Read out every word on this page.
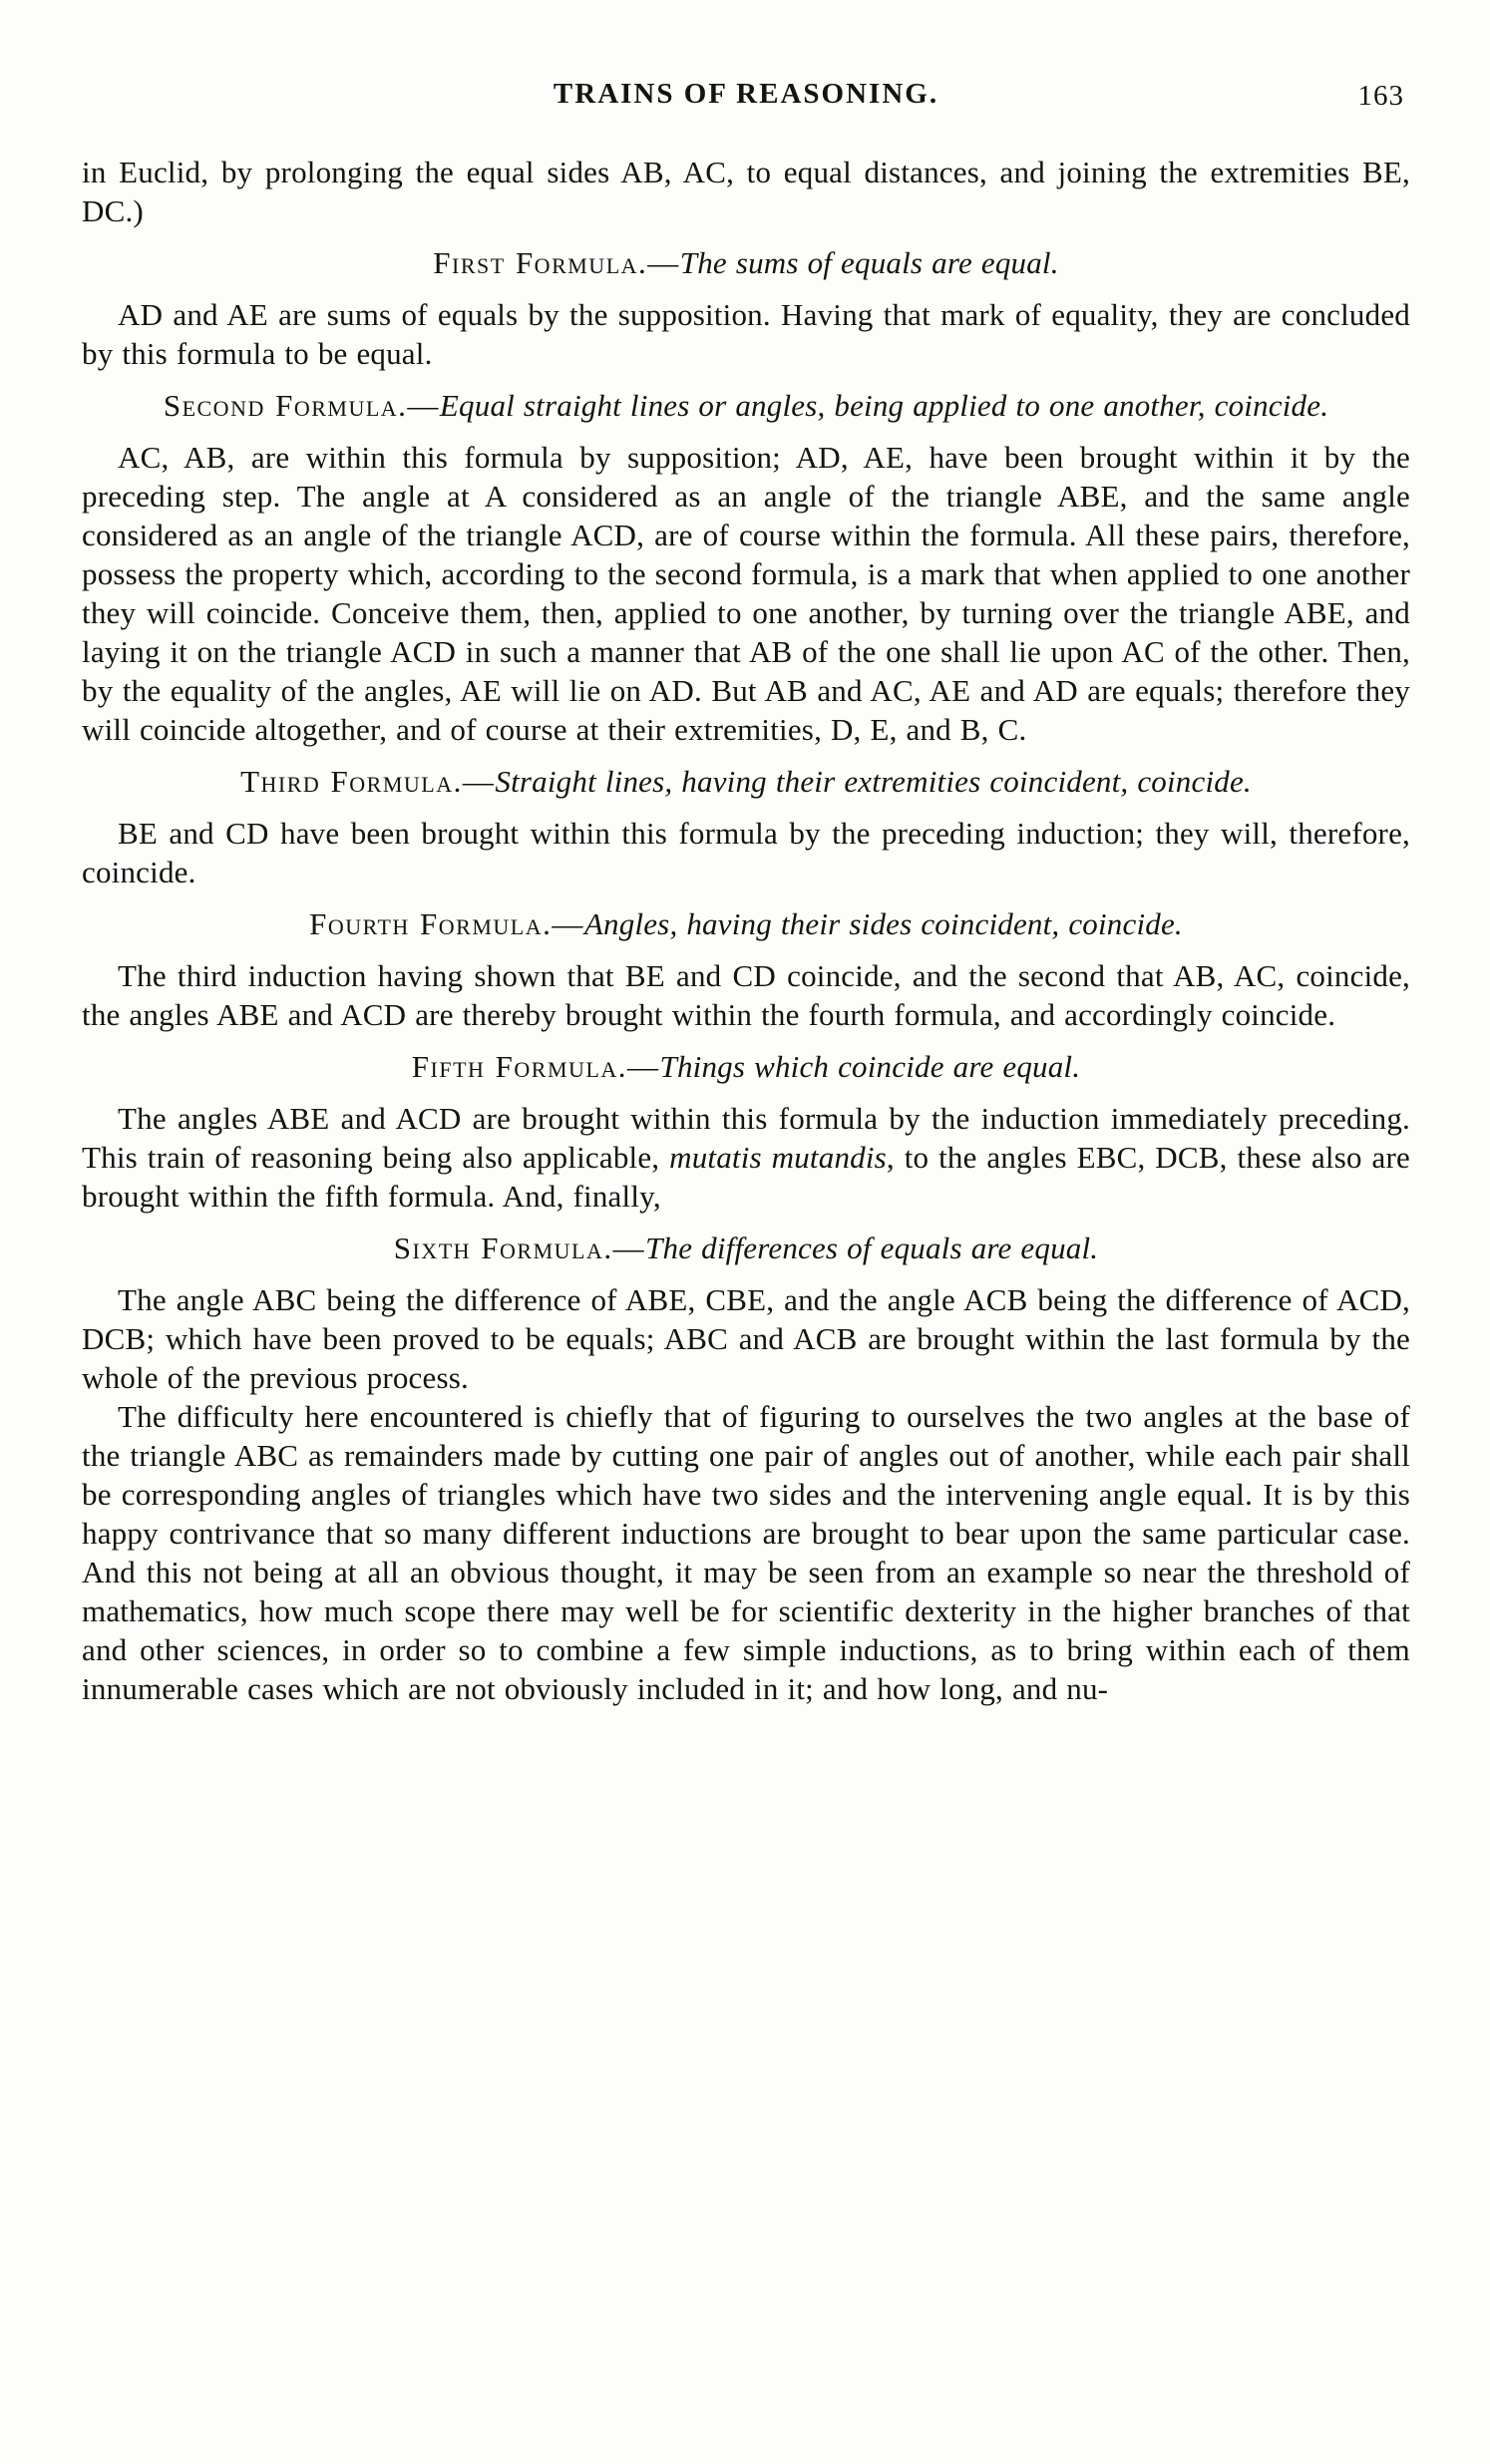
TRAINS OF REASONING.	163

in Euclid, by prolonging the equal sides AB, AC, to equal distances, and joining the extremities BE, DC.)

First Formula.—The sums of equals are equal.

AD and AE are sums of equals by the supposition. Having that mark of equality, they are concluded by this formula to be equal.

Second Formula.—Equal straight lines or angles, being applied to one another, coincide.

AC, AB, are within this formula by supposition; AD, AE, have been brought within it by the preceding step. The angle at A considered as an angle of the triangle ABE, and the same angle considered as an angle of the triangle ACD, are of course within the formula. All these pairs, therefore, possess the property which, according to the second formula, is a mark that when applied to one another they will coincide. Conceive them, then, applied to one another, by turning over the triangle ABE, and laying it on the triangle ACD in such a manner that AB of the one shall lie upon AC of the other. Then, by the equality of the angles, AE will lie on AD. But AB and AC, AE and AD are equals; therefore they will coincide altogether, and of course at their extremities, D, E, and B, C.

Third Formula.—Straight lines, having their extremities coincident, coincide.

BE and CD have been brought within this formula by the preceding induction; they will, therefore, coincide.

Fourth Formula.—Angles, having their sides coincident, coincide.

The third induction having shown that BE and CD coincide, and the second that AB, AC, coincide, the angles ABE and ACD are thereby brought within the fourth formula, and accordingly coincide.

Fifth Formula.—Things which coincide are equal.

The angles ABE and ACD are brought within this formula by the induction immediately preceding. This train of reasoning being also applicable, mutatis mutandis, to the angles EBC, DCB, these also are brought within the fifth formula. And, finally,

Sixth Formula.—The differences of equals are equal.

The angle ABC being the difference of ABE, CBE, and the angle ACB being the difference of ACD, DCB; which have been proved to be equals; ABC and ACB are brought within the last formula by the whole of the previous process.

The difficulty here encountered is chiefly that of figuring to ourselves the two angles at the base of the triangle ABC as remainders made by cutting one pair of angles out of another, while each pair shall be corresponding angles of triangles which have two sides and the intervening angle equal. It is by this happy contrivance that so many different inductions are brought to bear upon the same particular case. And this not being at all an obvious thought, it may be seen from an example so near the threshold of mathematics, how much scope there may well be for scientific dexterity in the higher branches of that and other sciences, in order so to combine a few simple inductions, as to bring within each of them innumerable cases which are not obviously included in it; and how long, and nu-
